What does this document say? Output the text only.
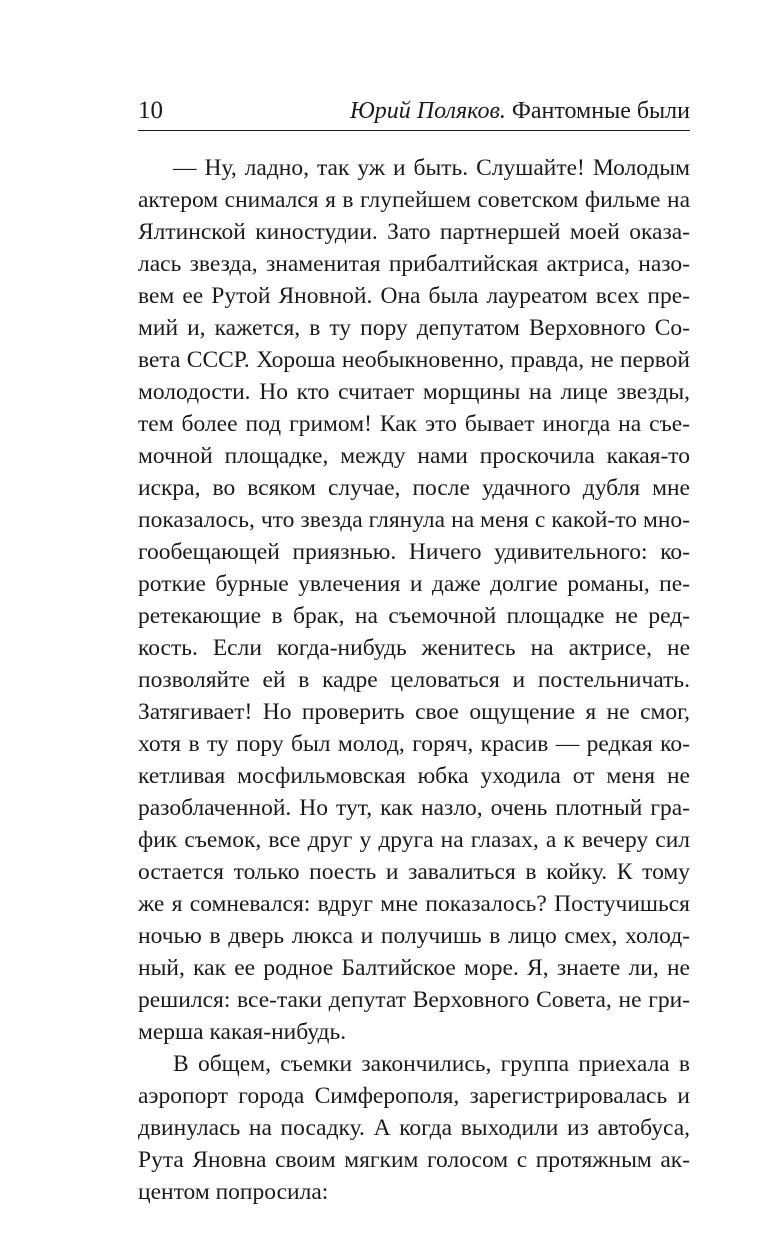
10	Юрий Поляков. Фантомные были
— Ну, ладно, так уж и быть. Слушайте! Молодым
актером снимался я в глупейшем советском фильме на
Ялтинской киностудии. Зато партнершей моей оказа-
лась звезда, знаменитая прибалтийская актриса, назо-
вем ее Рутой Яновной. Она была лауреатом всех пре-
мий и, кажется, в ту пору депутатом Верховного Со-
вета СССР. Хороша необыкновенно, правда, не первой
молодости. Но кто считает морщины на лице звезды,
тем более под гримом! Как это бывает иногда на съе-
мочной площадке, между нами проскочила какая-то
искра, во всяком случае, после удачного дубля мне
показалось, что звезда глянула на меня с какой-то мно-
гообещающей приязнью. Ничего удивительного: ко-
роткие бурные увлечения и даже долгие романы, пе-
ретекающие в брак, на съемочной площадке не ред-
кость. Если когда-нибудь женитесь на актрисе, не
позволяйте ей в кадре целоваться и постельничать.
Затягивает! Но проверить свое ощущение я не смог,
хотя в ту пору был молод, горяч, красив — редкая ко-
кетливая мосфильмовская юбка уходила от меня не
разоблаченной. Но тут, как назло, очень плотный гра-
фик съемок, все друг у друга на глазах, а к вечеру сил
остается только поесть и завалиться в койку. К тому
же я сомневался: вдруг мне показалось? Постучишься
ночью в дверь люкса и получишь в лицо смех, холод-
ный, как ее родное Балтийское море. Я, знаете ли, не
решился: все-таки депутат Верховного Совета, не гри-
мерша какая-нибудь.
В общем, съемки закончились, группа приехала в
аэропорт города Симферополя, зарегистрировалась и
двинулась на посадку. А когда выходили из автобуса,
Рута Яновна своим мягким голосом с протяжным ак-
центом попросила:
